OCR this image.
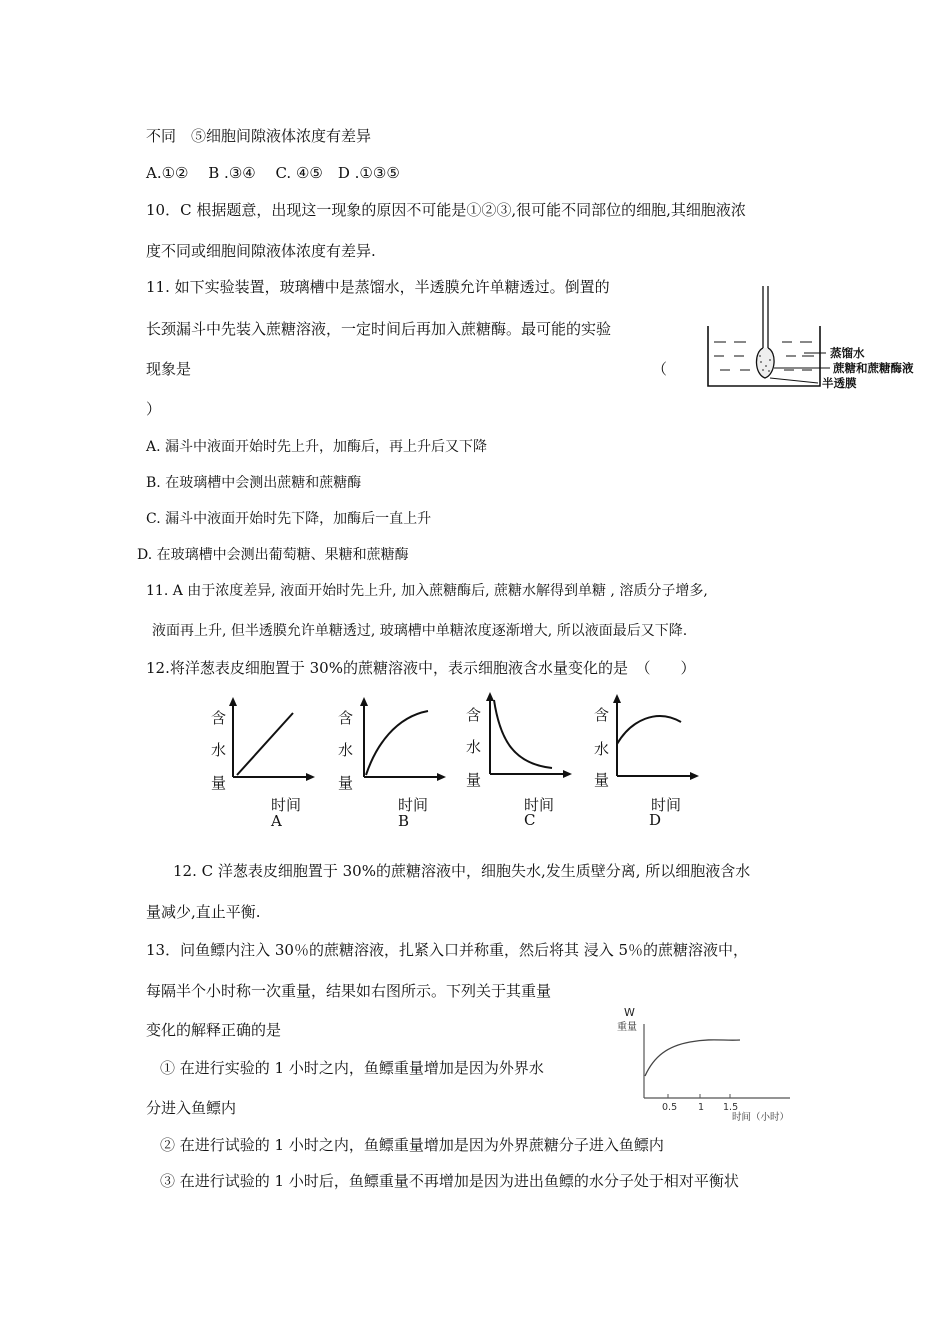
不同　⑤细胞间隙液体浓度有差异
A.①②　 B .③④　 C. ④⑤　D .①③⑤
10．C 根据题意，出现这一现象的原因不可能是①②③,很可能不同部位的细胞,其细胞液浓
度不同或细胞间隙液体浓度有差异.
11. 如下实验装置，玻璃槽中是蒸馏水，半透膜允许单糖透过。倒置的
长颈漏斗中先装入蔗糖溶液，一定时间后再加入蔗糖酶。最可能的实验
现象是	（
）
蒸馏水
蔗糖和蔗糖酶液
半透膜
A. 漏斗中液面开始时先上升，加酶后，再上升后又下降
B. 在玻璃槽中会测出蔗糖和蔗糖酶
C. 漏斗中液面开始时先下降，加酶后一直上升
D. 在玻璃槽中会测出葡萄糖、果糖和蔗糖酶
11. A 由于浓度差异, 液面开始时先上升, 加入蔗糖酶后, 蔗糖水解得到单糖 , 溶质分子增多,
液面再上升, 但半透膜允许单糖透过, 玻璃槽中单糖浓度逐渐增大, 所以液面最后又下降.
12.将洋葱表皮细胞置于 30%的蔗糖溶液中，表示细胞液含水量变化的是　（　　）
含
水
量
时间
A
含
水
量
时间
B
含
水
量
时间
C
含
水
量
时间
D
12. C 洋葱表皮细胞置于 30%的蔗糖溶液中，细胞失水,发生质壁分离, 所以细胞液含水
量减少,直止平衡.
13．问鱼鳔内注入 30％的蔗糖溶液，扎紧入口并称重，然后将其 浸入 5％的蔗糖溶液中，
每隔半个小时称一次重量，结果如右图所示。下列关于其重量
变化的解释正确的是
W
重量
0.5 1 1.5
时间（小时）
① 在进行实验的 1 小时之内，鱼鳔重量增加是因为外界水
分进入鱼鳔内
② 在进行试验的 1 小时之内，鱼鳔重量增加是因为外界蔗糖分子进入鱼鳔内
③ 在进行试验的 1 小时后，鱼鳔重量不再增加是因为进出鱼鳔的水分子处于相对平衡状
